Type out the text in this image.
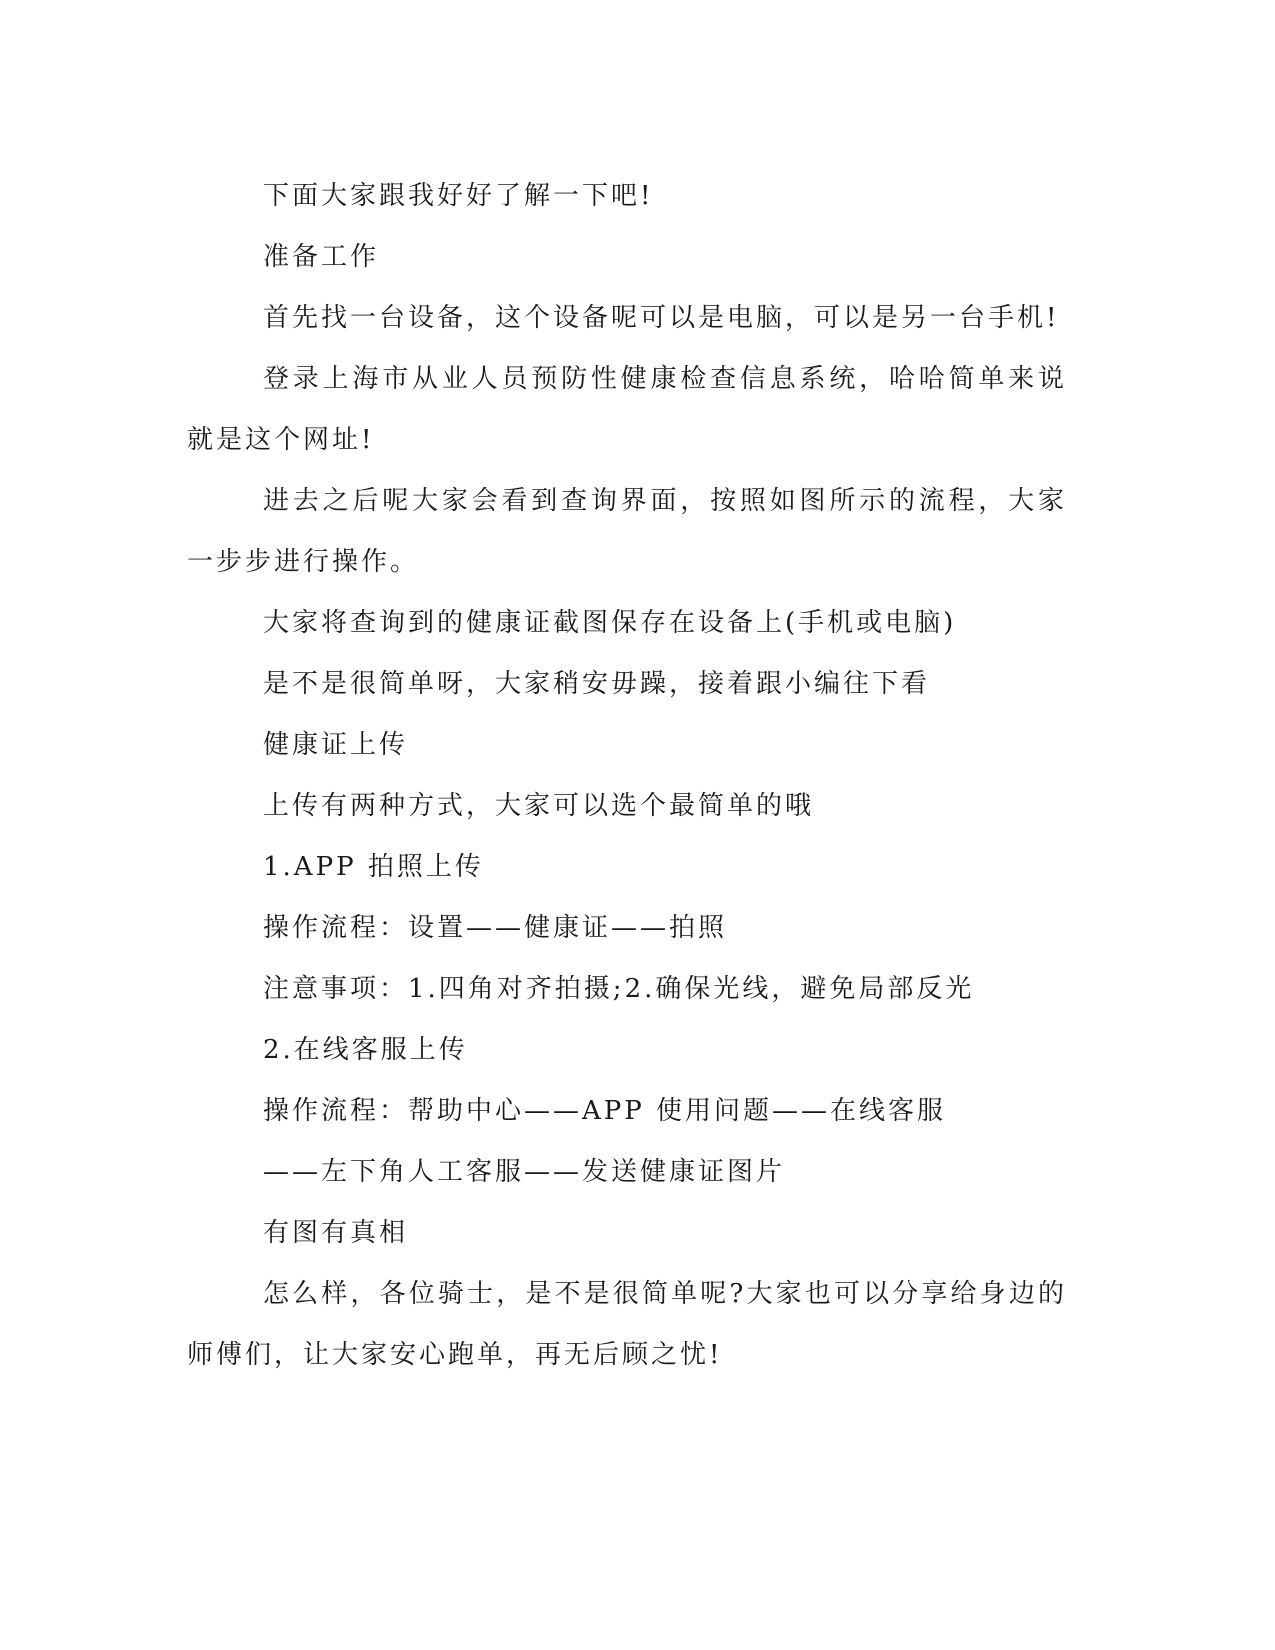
下面大家跟我好好了解一下吧!

准备工作

首先找一台设备，这个设备呢可以是电脑，可以是另一台手机!

登录上海市从业人员预防性健康检查信息系统，哈哈简单来说就是这个网址!

进去之后呢大家会看到查询界面，按照如图所示的流程，大家一步步进行操作。

大家将查询到的健康证截图保存在设备上(手机或电脑)

是不是很简单呀，大家稍安毋躁，接着跟小编往下看

健康证上传

上传有两种方式，大家可以选个最简单的哦

1.APP 拍照上传

操作流程：设置——健康证——拍照

注意事项：1.四角对齐拍摄;2.确保光线，避免局部反光

2.在线客服上传

操作流程：帮助中心——APP 使用问题——在线客服

——左下角人工客服——发送健康证图片

有图有真相

怎么样，各位骑士，是不是很简单呢?大家也可以分享给身边的师傅们，让大家安心跑单，再无后顾之忧!
